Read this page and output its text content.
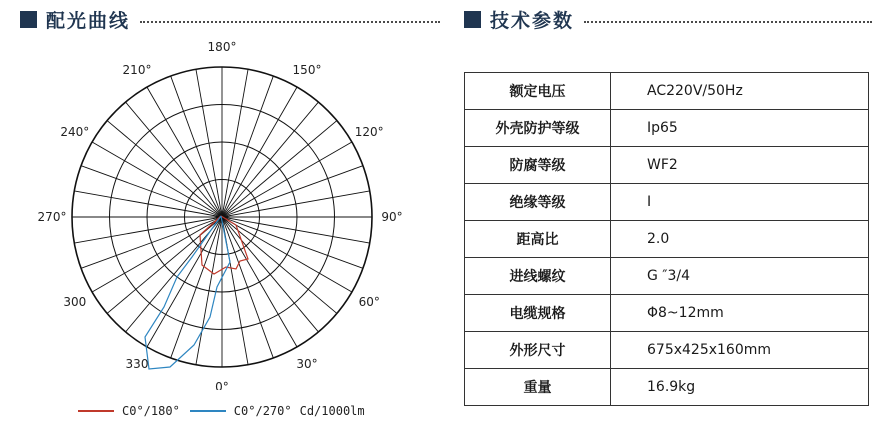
配光曲线	技术参数
180°
150°
120°
90°
60°
30°
0°
330
300
270°
240°
210°
C0°/180°	C0°/270° Cd/1000lm
额定电压	AC220V/50Hz
外壳防护等级	Ip65
防腐等级	WF2
绝缘等级	I
距高比	2.0
进线螺纹	G ″3/4
电缆规格	Φ8~12mm
外形尺寸	675x425x160mm
重量	16.9kg
